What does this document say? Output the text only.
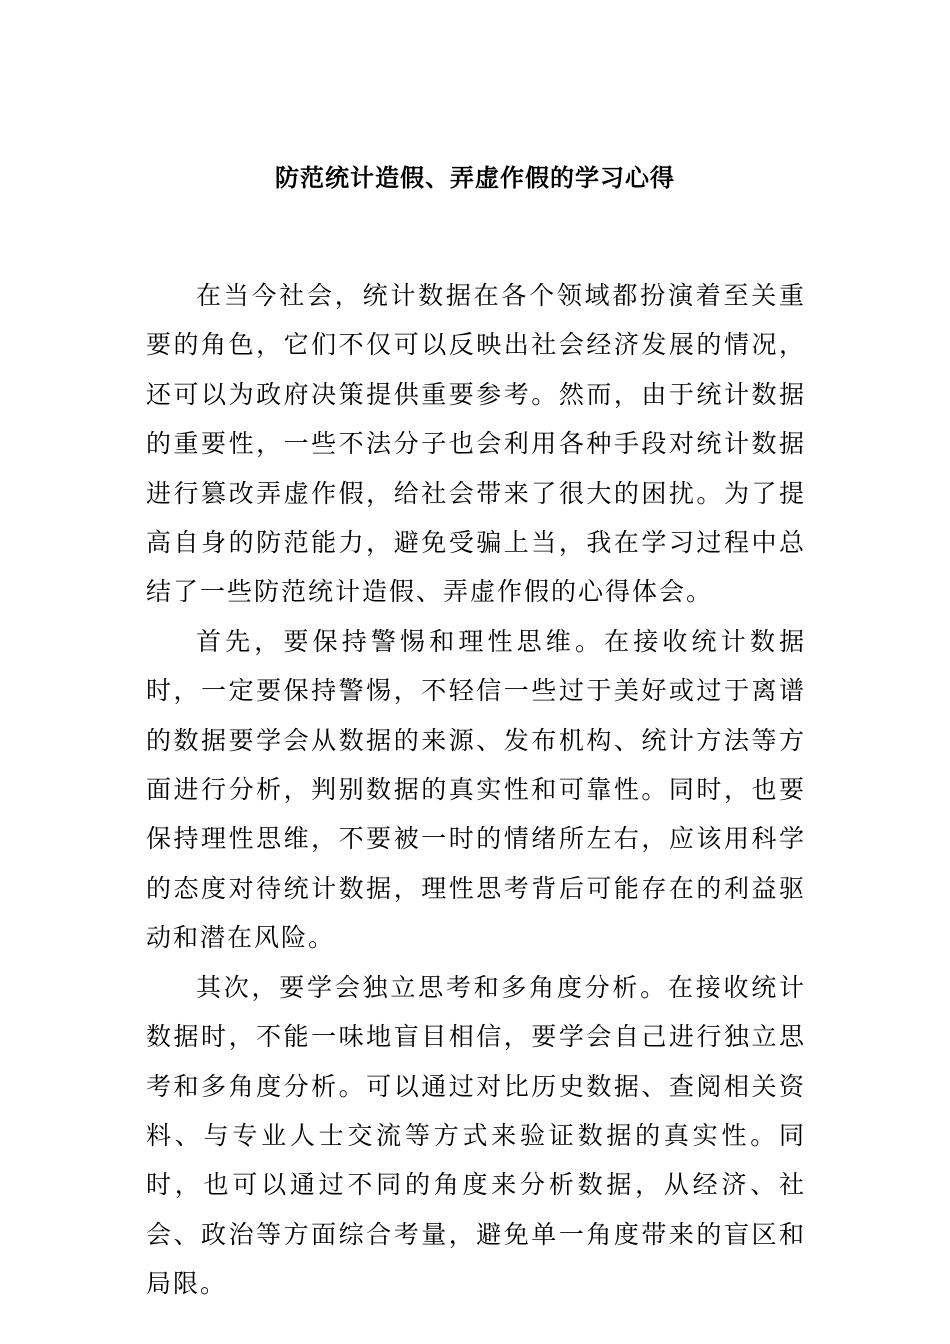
防范统计造假、弄虚作假的学习心得

在当今社会，统计数据在各个领域都扮演着至关重要的角色，它们不仅可以反映出社会经济发展的情况，还可以为政府决策提供重要参考。然而，由于统计数据的重要性，一些不法分子也会利用各种手段对统计数据进行篡改弄虚作假，给社会带来了很大的困扰。为了提高自身的防范能力，避免受骗上当，我在学习过程中总结了一些防范统计造假、弄虚作假的心得体会。

首先，要保持警惕和理性思维。在接收统计数据时，一定要保持警惕，不轻信一些过于美好或过于离谱的数据要学会从数据的来源、发布机构、统计方法等方面进行分析，判别数据的真实性和可靠性。同时，也要保持理性思维，不要被一时的情绪所左右，应该用科学的态度对待统计数据，理性思考背后可能存在的利益驱动和潜在风险。

其次，要学会独立思考和多角度分析。在接收统计数据时，不能一味地盲目相信，要学会自己进行独立思考和多角度分析。可以通过对比历史数据、查阅相关资料、与专业人士交流等方式来验证数据的真实性。同时，也可以通过不同的角度来分析数据，从经济、社会、政治等方面综合考量，避免单一角度带来的盲区和局限。
